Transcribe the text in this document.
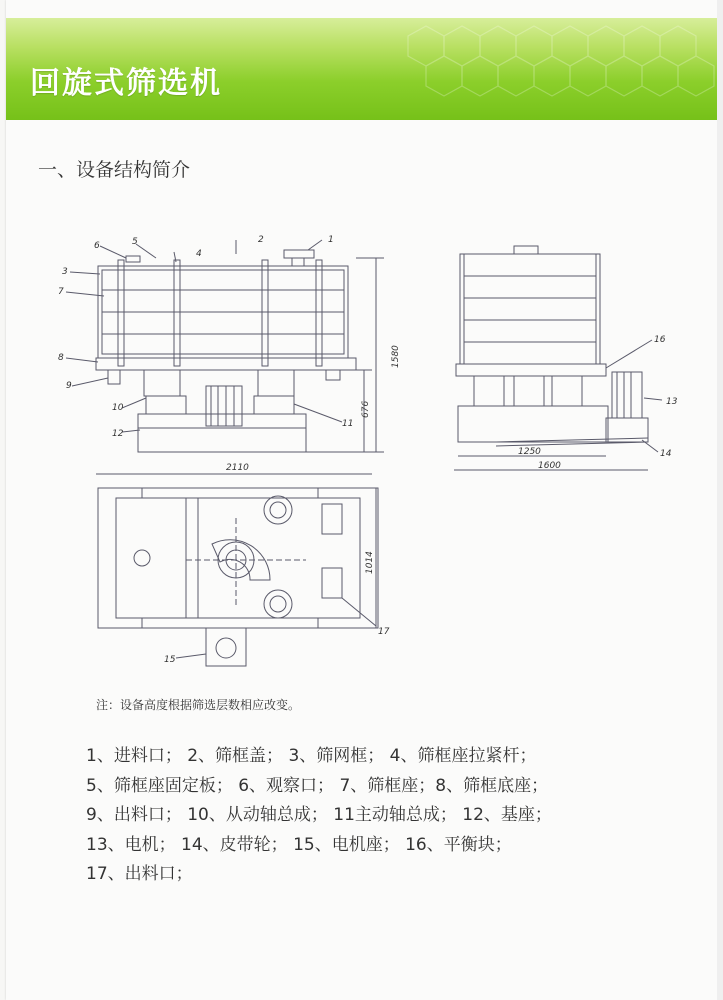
回旋式筛选机
一、设备结构简介
1
2
3
4
5
6
7
8
9
10
11
12
13
14
16
15
17
1580
676
1250
1600
2110
1014
注：设备高度根据筛选层数相应改变。
1、进料口； 2、筛框盖； 3、筛网框； 4、筛框座拉紧杆；
5、筛框座固定板； 6、观察口； 7、筛框座；8、筛框底座；
9、出料口； 10、从动轴总成； 11主动轴总成； 12、基座；
13、电机； 14、皮带轮； 15、电机座； 16、平衡块；
17、出料口；
